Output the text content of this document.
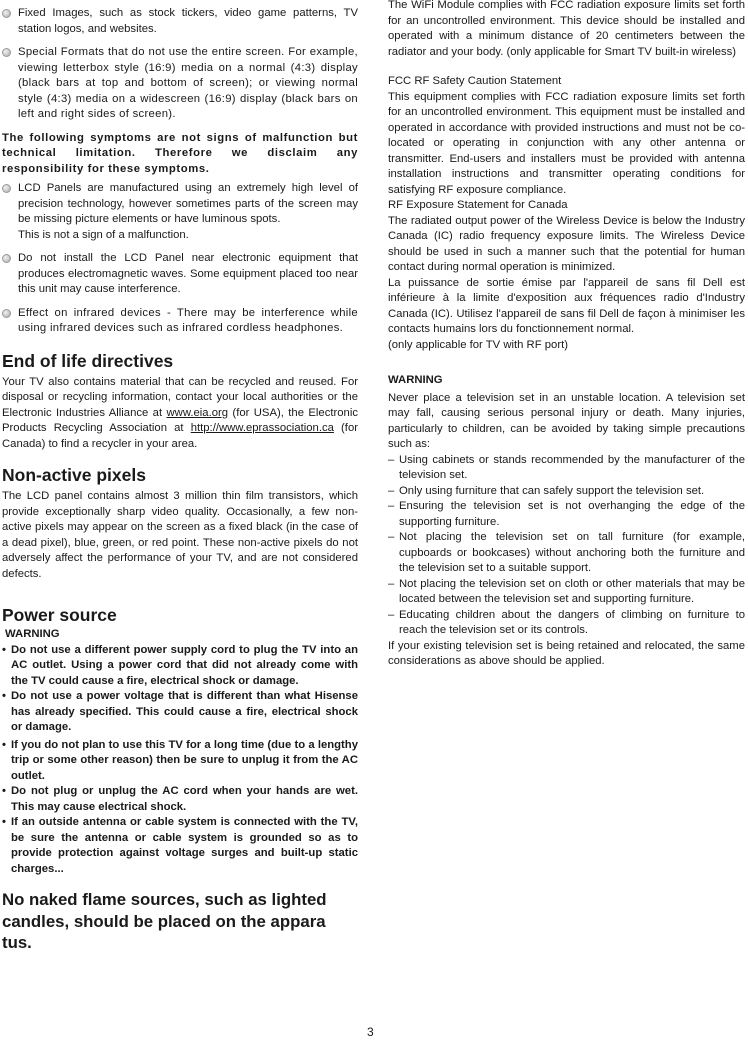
Fixed Images, such as stock tickers, video game patterns, TV station logos, and websites.
Special Formats that do not use the entire screen. For example, viewing letterbox style (16:9) media on a normal (4:3) display (black bars at top and bottom of screen); or viewing normal style (4:3) media on a widescreen (16:9) display (black bars on left and right sides of screen).

The following symptoms are not signs of malfunction but technical limitation. Therefore we disclaim any responsibility for these symptoms.

LCD Panels are manufactured using an extremely high level of precision technology, however sometimes parts of the screen may be missing picture elements or have luminous spots.
This is not a sign of a malfunction.
Do not install the LCD Panel near electronic equipment that produces electromagnetic waves. Some equipment placed too near this unit may cause interference.
Effect on infrared devices - There may be interference while using infrared devices such as infrared cordless headphones.
End of life directives

Your TV also contains material that can be recycled and reused. For disposal or recycling information, contact your local authorities or the Electronic Industries Alliance at www.eia.org (for USA), the Electronic Products Recycling Association at http://www.eprassociation.ca (for Canada) to find a recycler in your area.

Non-active pixels

The LCD panel contains almost 3 million thin film transistors, which provide exceptionally sharp video quality. Occasionally, a few non-active pixels may appear on the screen as a fixed black (in the case of a dead pixel), blue, green, or red point. These non-active pixels do not adversely affect the performance of your TV, and are not considered defects.

Power source

WARNING

• Do not use a different power supply cord to plug the TV into an AC outlet. Using a power cord that did not already come with the TV could cause a fire, electrical shock or damage.

• Do not use a power voltage that is different than what Hisense has already specified. This could cause a fire, electrical shock or damage.

• If you do not plan to use this TV for a long time (due to a lengthy trip or some other reason) then be sure to unplug it from the AC outlet.

• Do not plug or unplug the AC cord when your hands are wet. This may cause electrical shock.

• If an outside antenna or cable system is connected with the TV, be sure the antenna or cable system is grounded so as to provide protection against voltage surges and built-up static charges...

No naked flame sources, such as lighted candles, should be placed on the appara tus.

The WiFi Module complies with FCC radiation exposure limits set forth for an uncontrolled environment. This device should be installed and operated with a minimum distance of 20 centimeters between the radiator and your body. (only applicable for Smart TV built-in wireless)

FCC RF Safety Caution Statement

This equipment complies with FCC radiation exposure limits set forth for an uncontrolled environment. This equipment must be installed and operated in accordance with provided instructions and must not be co-located or operating in conjunction with any other antenna or transmitter. End-users and installers must be provided with antenna installation instructions and transmitter operating conditions for satisfying RF exposure compliance.

RF Exposure Statement for Canada

The radiated output power of the Wireless Device is below the Industry Canada (IC) radio frequency exposure limits. The Wireless Device should be used in such a manner such that the potential for human contact during normal operation is minimized.

La puissance de sortie émise par l'appareil de sans fil Dell est inférieure à la limite d'exposition aux fréquences radio d'Industry Canada (IC). Utilisez l'appareil de sans fil Dell de façon à minimiser les contacts humains lors du fonctionnement normal.

(only applicable for TV with RF port)

WARNING

Never place a television set in an unstable location. A television set may fall, causing serious personal injury or death. Many injuries, particularly to children, can be avoided by taking simple precautions such as:

– Using cabinets or stands recommended by the manufacturer of the television set.
– Only using furniture that can safely support the television set.
– Ensuring the television set is not overhanging the edge of the supporting furniture.
– Not placing the television set on tall furniture (for example, cupboards or bookcases) without anchoring both the furniture and the television set to a suitable support.
– Not placing the television set on cloth or other materials that may be located between the television set and supporting furniture.
– Educating children about the dangers of climbing on furniture to reach the television set or its controls.

If your existing television set is being retained and relocated, the same considerations as above should be applied.

3
